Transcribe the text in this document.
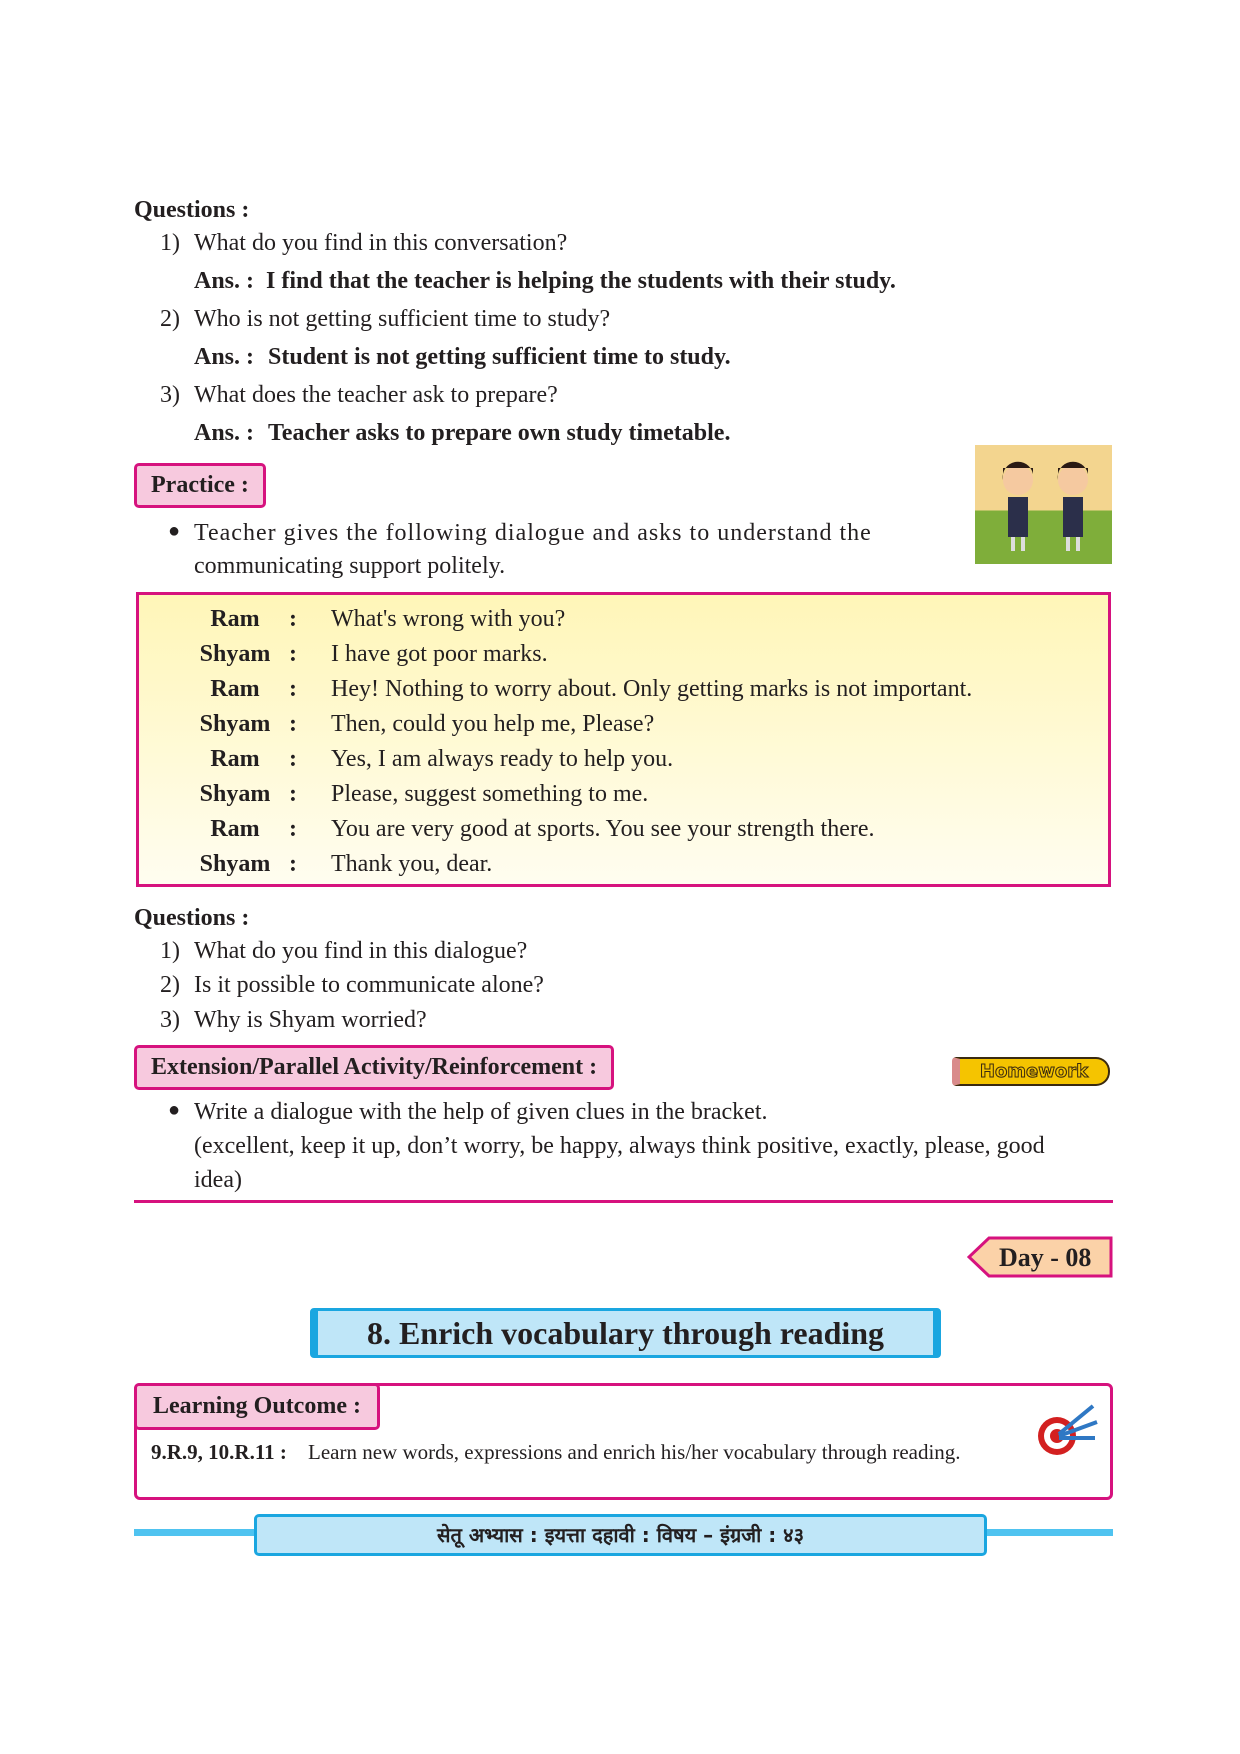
Questions :
1) What do you find in this conversation?
Ans. : I find that the teacher is helping the students with their study.
2) Who is not getting sufficient time to study?
Ans. : Student is not getting sufficient time to study.
3) What does the teacher ask to prepare?
Ans. : Teacher asks to prepare own study timetable.
Practice :
● Teacher gives the following dialogue and asks to understand the
communicating support politely.
Ram	: What's wrong with you?
Shyam : I have got poor marks.
Ram	: Hey! Nothing to worry about. Only getting marks is not important.
Shyam : Then, could you help me, Please?
Ram	: Yes, I am always ready to help you.
Shyam : Please, suggest something to me.
Ram	: You are very good at sports. You see your strength there.
Shyam : Thank you, dear.
Questions :
1) What do you find in this dialogue?
2) Is it possible to communicate alone?
3) Why is Shyam worried?
Extension/Parallel Activity/Reinforcement :	Homework
● Write a dialogue with the help of given clues in the bracket.
(excellent, keep it up, don’t worry, be happy, always think positive, exactly, please, good
idea)
Day - 08
8. Enrich vocabulary through reading
Learning Outcome :
9.R.9, 10.R.11 : Learn new words, expressions and enrich his/her vocabulary through reading.
सेतू अभ्यास : इयत्ता दहावी : विषय – इंग्रजी : ४३
